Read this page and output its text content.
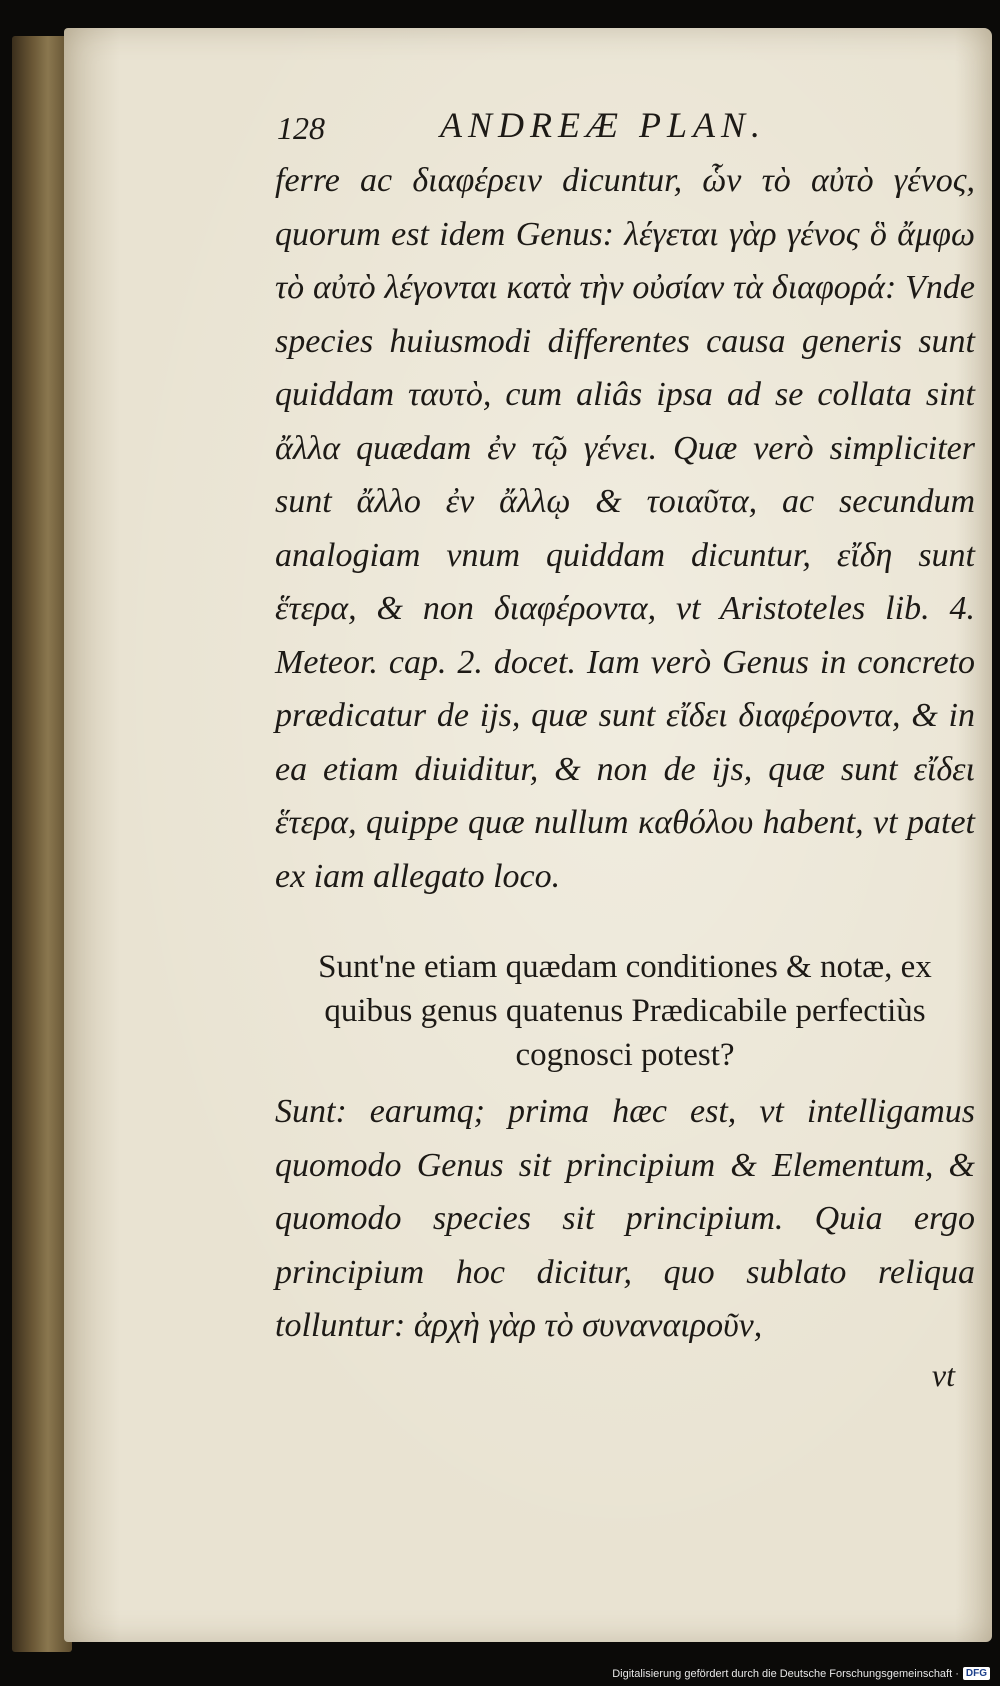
128	ANDREÆ PLAN.

ferre ac διαφέρειν dicuntur, ὧν τὸ αὐτὸ γένος, quorum est idem Genus: λέγεται γὰρ γένος ὃ ἄμφω τὸ αὐτὸ λέγονται κατὰ τὴν οὐσίαν τὰ διαφορά: Vnde species huiusmodi differentes causa generis sunt quiddam ταυτὸ, cum aliâs ipsa ad se collata sint ἄλλα quædam ἐν τῷ γένει. Quæ verò simpliciter sunt ἄλλο ἐν ἄλλῳ & τοιαῦτα, ac secundum analogiam vnum quiddam dicuntur, εἴδη sunt ἕτερα, & non διαφέροντα, vt Aristoteles lib. 4. Meteor. cap. 2. docet. Iam verò Genus in concreto prædicatur de ijs, quæ sunt εἴδει διαφέροντα, & in ea etiam diuiditur, & non de ijs, quæ sunt εἴδει ἕτερα, quippe quæ nullum καθόλου habent, vt patet ex iam allegato loco.

Sunt'ne etiam quædam conditiones & notæ, ex quibus genus quatenus Prædicabile perfectiùs cognosci potest?

Sunt: earumq; prima hæc est, vt intelligamus quomodo Genus sit principium & Elementum, & quomodo species sit principium. Quia ergo principium hoc dicitur, quo sublato reliqua tolluntur: ἀρχὴ γὰρ τὸ συναναιροῦν,

vt
Digitalisierung gefördert durch die Deutsche Forschungsgemeinschaft · DFG
